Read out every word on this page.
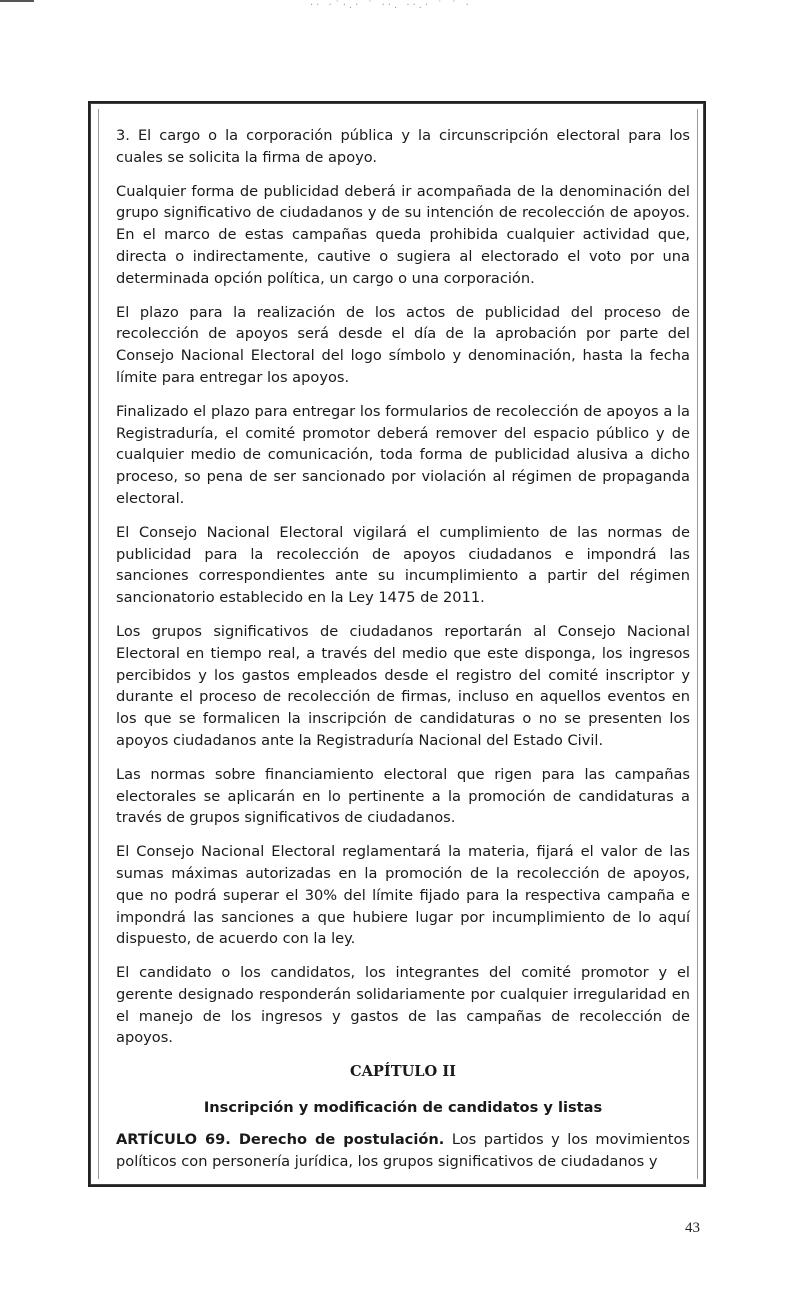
·· ·˙·.· ˙ ··. ··.· ˙ ˙ ·

3. El cargo o la corporación pública y la circunscripción electoral para los cuales se solicita la firma de apoyo.

Cualquier forma de publicidad deberá ir acompañada de la denominación del grupo significativo de ciudadanos y de su intención de recolección de apoyos. En el marco de estas campañas queda prohibida cualquier actividad que, directa o indirectamente, cautive o sugiera al electorado el voto por una determinada opción política, un cargo o una corporación.

El plazo para la realización de los actos de publicidad del proceso de recolección de apoyos será desde el día de la aprobación por parte del Consejo Nacional Electoral del logo símbolo y denominación, hasta la fecha límite para entregar los apoyos.

Finalizado el plazo para entregar los formularios de recolección de apoyos a la Registraduría, el comité promotor deberá remover del espacio público y de cualquier medio de comunicación, toda forma de publicidad alusiva a dicho proceso, so pena de ser sancionado por violación al régimen de propaganda electoral.

El Consejo Nacional Electoral vigilará el cumplimiento de las normas de publicidad para la recolección de apoyos ciudadanos e impondrá las sanciones correspondientes ante su incumplimiento a partir del régimen sancionatorio establecido en la Ley 1475 de 2011.

Los grupos significativos de ciudadanos reportarán al Consejo Nacional Electoral en tiempo real, a través del medio que este disponga, los ingresos percibidos y los gastos empleados desde el registro del comité inscriptor y durante el proceso de recolección de firmas, incluso en aquellos eventos en los que se formalicen la inscripción de candidaturas o no se presenten los apoyos ciudadanos ante la Registraduría Nacional del Estado Civil.

Las normas sobre financiamiento electoral que rigen para las campañas electorales se aplicarán en lo pertinente a la promoción de candidaturas a través de grupos significativos de ciudadanos.

El Consejo Nacional Electoral reglamentará la materia, fijará el valor de las sumas máximas autorizadas en la promoción de la recolección de apoyos, que no podrá superar el 30% del límite fijado para la respectiva campaña e impondrá las sanciones a que hubiere lugar por incumplimiento de lo aquí dispuesto, de acuerdo con la ley.

El candidato o los candidatos, los integrantes del comité promotor y el gerente designado responderán solidariamente por cualquier irregularidad en el manejo de los ingresos y gastos de las campañas de recolección de apoyos.

CAPÍTULO II

Inscripción y modificación de candidatos y listas

ARTÍCULO 69. Derecho de postulación. Los partidos y los movimientos políticos con personería jurídica, los grupos significativos de ciudadanos y

43
